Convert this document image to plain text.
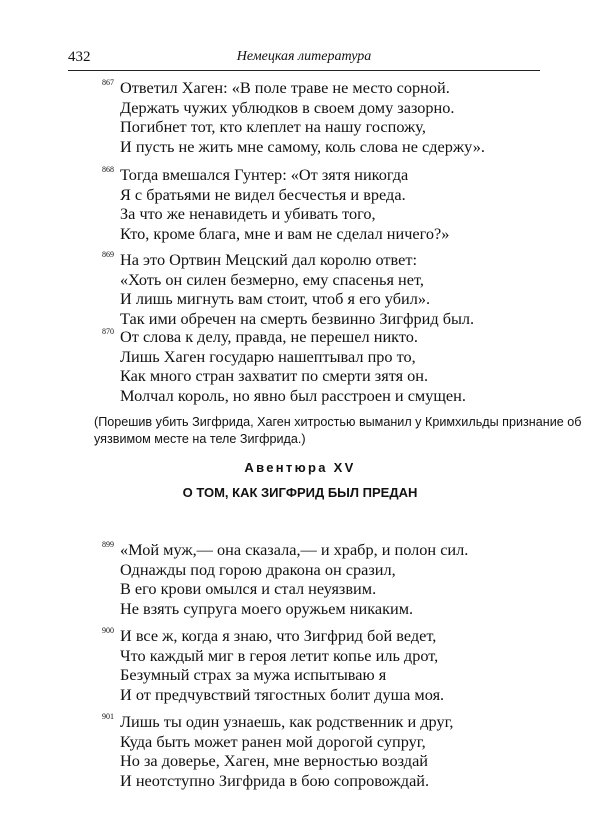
432	Немецкая литература
867 Ответил Хаген: «В поле траве не место сорной.
Держать чужих ублюдков в своем дому зазорно.
Погибнет тот, кто клеплет на нашу госпожу,
И пусть не жить мне самому, коль слова не сдержу».
868 Тогда вмешался Гунтер: «От зятя никогда
Я с братьями не видел бесчестья и вреда.
За что же ненавидеть и убивать того,
Кто, кроме блага, мне и вам не сделал ничего?»
869 На это Ортвин Мецский дал королю ответ:
«Хоть он силен безмерно, ему спасенья нет,
И лишь мигнуть вам стоит, чтоб я его убил».
Так ими обречен на смерть безвинно Зигфрид был.
870 От слова к делу, правда, не перешел никто.
Лишь Хаген государю нашептывал про то,
Как много стран захватит по смерти зятя он.
Молчал король, но явно был расстроен и смущен.
(Порешив убить Зигфрида, Хаген хитростью выманил у Кримхильды признание об
уязвимом месте на теле Зигфрида.)
Авентюра XV
О ТОМ, КАК ЗИГФРИД БЫЛ ПРЕДАН
899 «Мой муж,— она сказала,— и храбр, и полон сил.
Однажды под горою дракона он сразил,
В его крови омылся и стал неуязвим.
Не взять супруга моего оружьем никаким.
900 И все ж, когда я знаю, что Зигфрид бой ведет,
Что каждый миг в героя летит копье иль дрот,
Безумный страх за мужа испытываю я
И от предчувствий тягостных болит душа моя.
901 Лишь ты один узнаешь, как родственник и друг,
Куда быть может ранен мой дорогой супруг,
Но за доверье, Хаген, мне верностью воздай
И неотступно Зигфрида в бою сопровождай.
